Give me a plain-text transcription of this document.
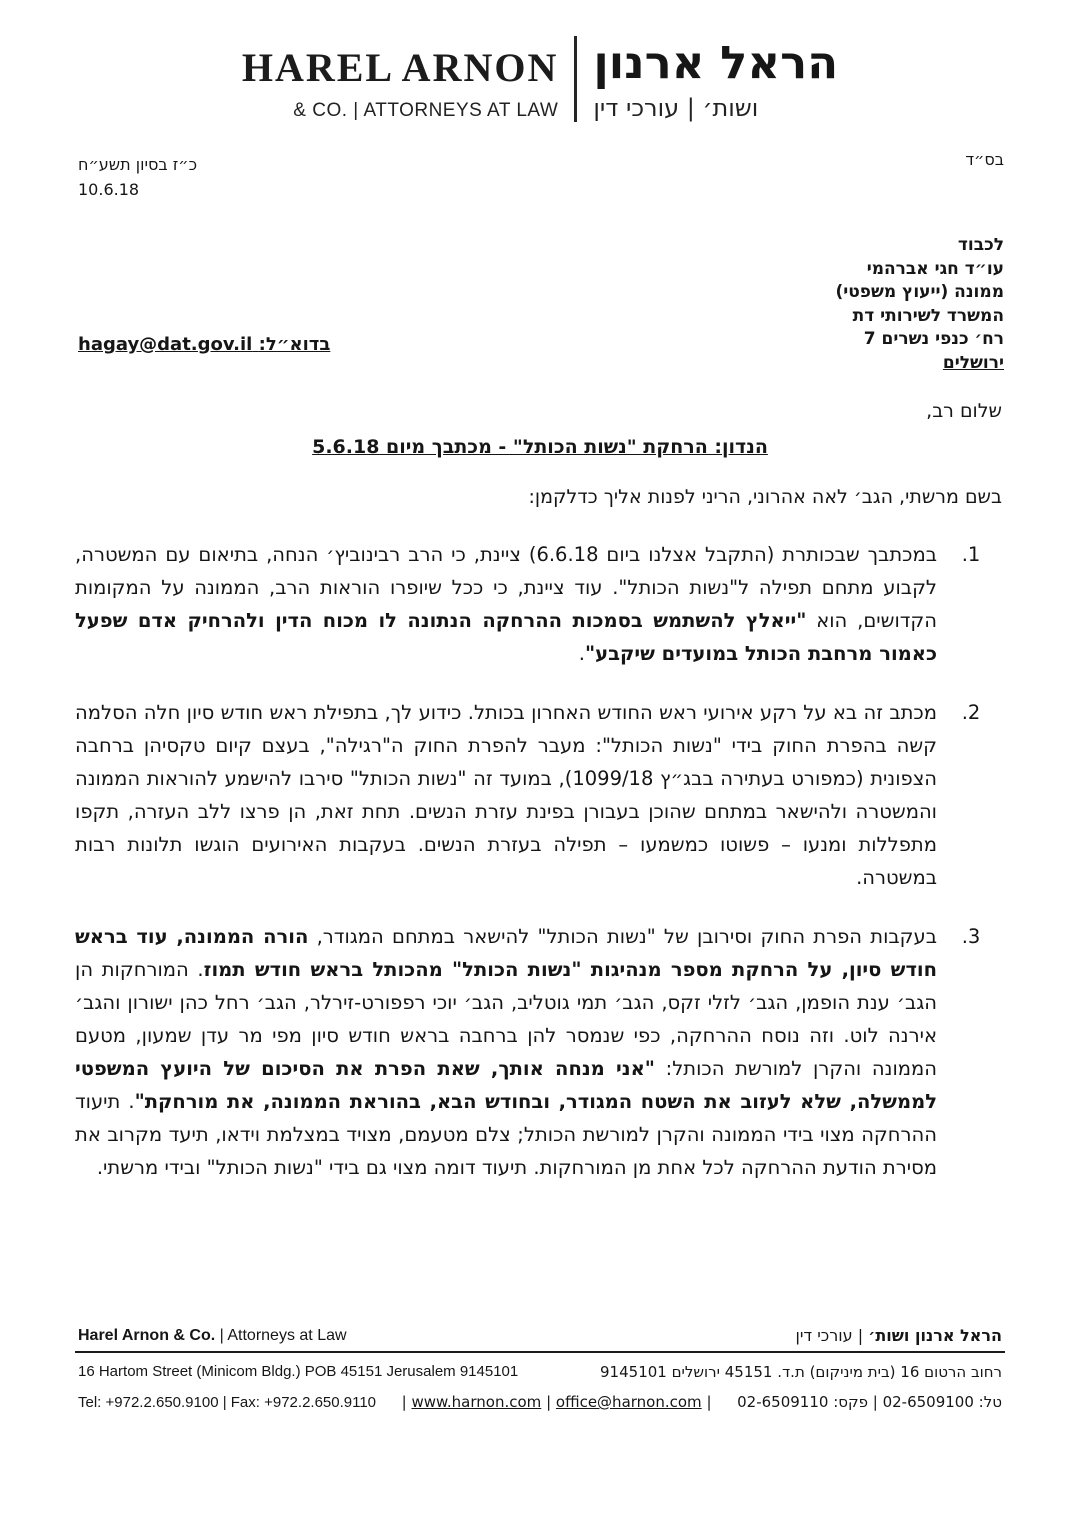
HAREL ARNON
& CO. | ATTORNEYS AT LAW
הראל ארנון
ושות׳ | עורכי דין
בס״ד
כ״ז בסיון תשע״ח
10.6.18
לכבוד
עו״ד חגי אברהמי
ממונה (ייעוץ משפטי)
המשרד לשירותי דת
רח׳ כנפי נשרים 7
ירושלים
בדוא״ל: hagay@dat.gov.il
שלום רב,
הנדון: הרחקת "נשות הכותל" - מכתבך מיום 5.6.18
בשם מרשתי, הגב׳ לאה אהרוני, הריני לפנות אליך כדלקמן:
1.
במכתבך שבכותרת (התקבל אצלנו ביום 6.6.18) ציינת, כי הרב רבינוביץ׳ הנחה, בתיאום עם המשטרה, לקבוע מתחם תפילה ל"נשות הכותל". עוד ציינת, כי ככל שיופרו הוראות הרב, הממונה על המקומות הקדושים, הוא "ייאלץ להשתמש בסמכות ההרחקה הנתונה לו מכוח הדין ולהרחיק אדם שפעל כאמור מרחבת הכותל במועדים שיקבע".
2.
מכתב זה בא על רקע אירועי ראש החודש האחרון בכותל. כידוע לך, בתפילת ראש חודש סיון חלה הסלמה קשה בהפרת החוק בידי "נשות הכותל": מעבר להפרת החוק ה"רגילה", בעצם קיום טקסיהן ברחבה הצפונית (כמפורט בעתירה בבג״ץ 1099/18), במועד זה "נשות הכותל" סירבו להישמע להוראות הממונה והמשטרה ולהישאר במתחם שהוכן בעבורן בפינת עזרת הנשים. תחת זאת, הן פרצו ללב העזרה, תקפו מתפללות ומנעו – פשוטו כמשמעו – תפילה בעזרת הנשים. בעקבות האירועים הוגשו תלונות רבות במשטרה.
3.
בעקבות הפרת החוק וסירובן של "נשות הכותל" להישאר במתחם המגודר, הורה הממונה, עוד בראש חודש סיון, על הרחקת מספר מנהיגות "נשות הכותל" מהכותל בראש חודש תמוז. המורחקות הן הגב׳ ענת הופמן, הגב׳ לזלי זקס, הגב׳ תמי גוטליב, הגב׳ יוכי רפפורט-זירלר, הגב׳ רחל כהן ישורון והגב׳ אירנה לוט. וזה נוסח ההרחקה, כפי שנמסר להן ברחבה בראש חודש סיון מפי מר עדן שמעון, מטעם הממונה והקרן למורשת הכותל: "אני מנחה אותך, שאת הפרת את הסיכום של היועץ המשפטי לממשלה, שלא לעזוב את השטח המגודר, ובחודש הבא, בהוראת הממונה, את מורחקת". תיעוד ההרחקה מצוי בידי הממונה והקרן למורשת הכותל; צלם מטעמם, מצויד במצלמת וידאו, תיעד מקרוב את מסירת הודעת ההרחקה לכל אחת מן המורחקות. תיעוד דומה מצוי גם בידי "נשות הכותל" ובידי מרשתי.
Harel Arnon & Co. | Attorneys at Law	הראל ארנון ושות׳ | עורכי דין
16 Hartom Street (Minicom Bldg.) POB 45151 Jerusalem 9145101	רחוב הרטום 16 (בית מיניקום) ת.ד. 45151 ירושלים 9145101
Tel: +972.2.650.9100 | Fax: +972.2.650.9110 | www.harnon.com | office@harnon.com | טל: 02-6509100 | פקס: 02-6509110
